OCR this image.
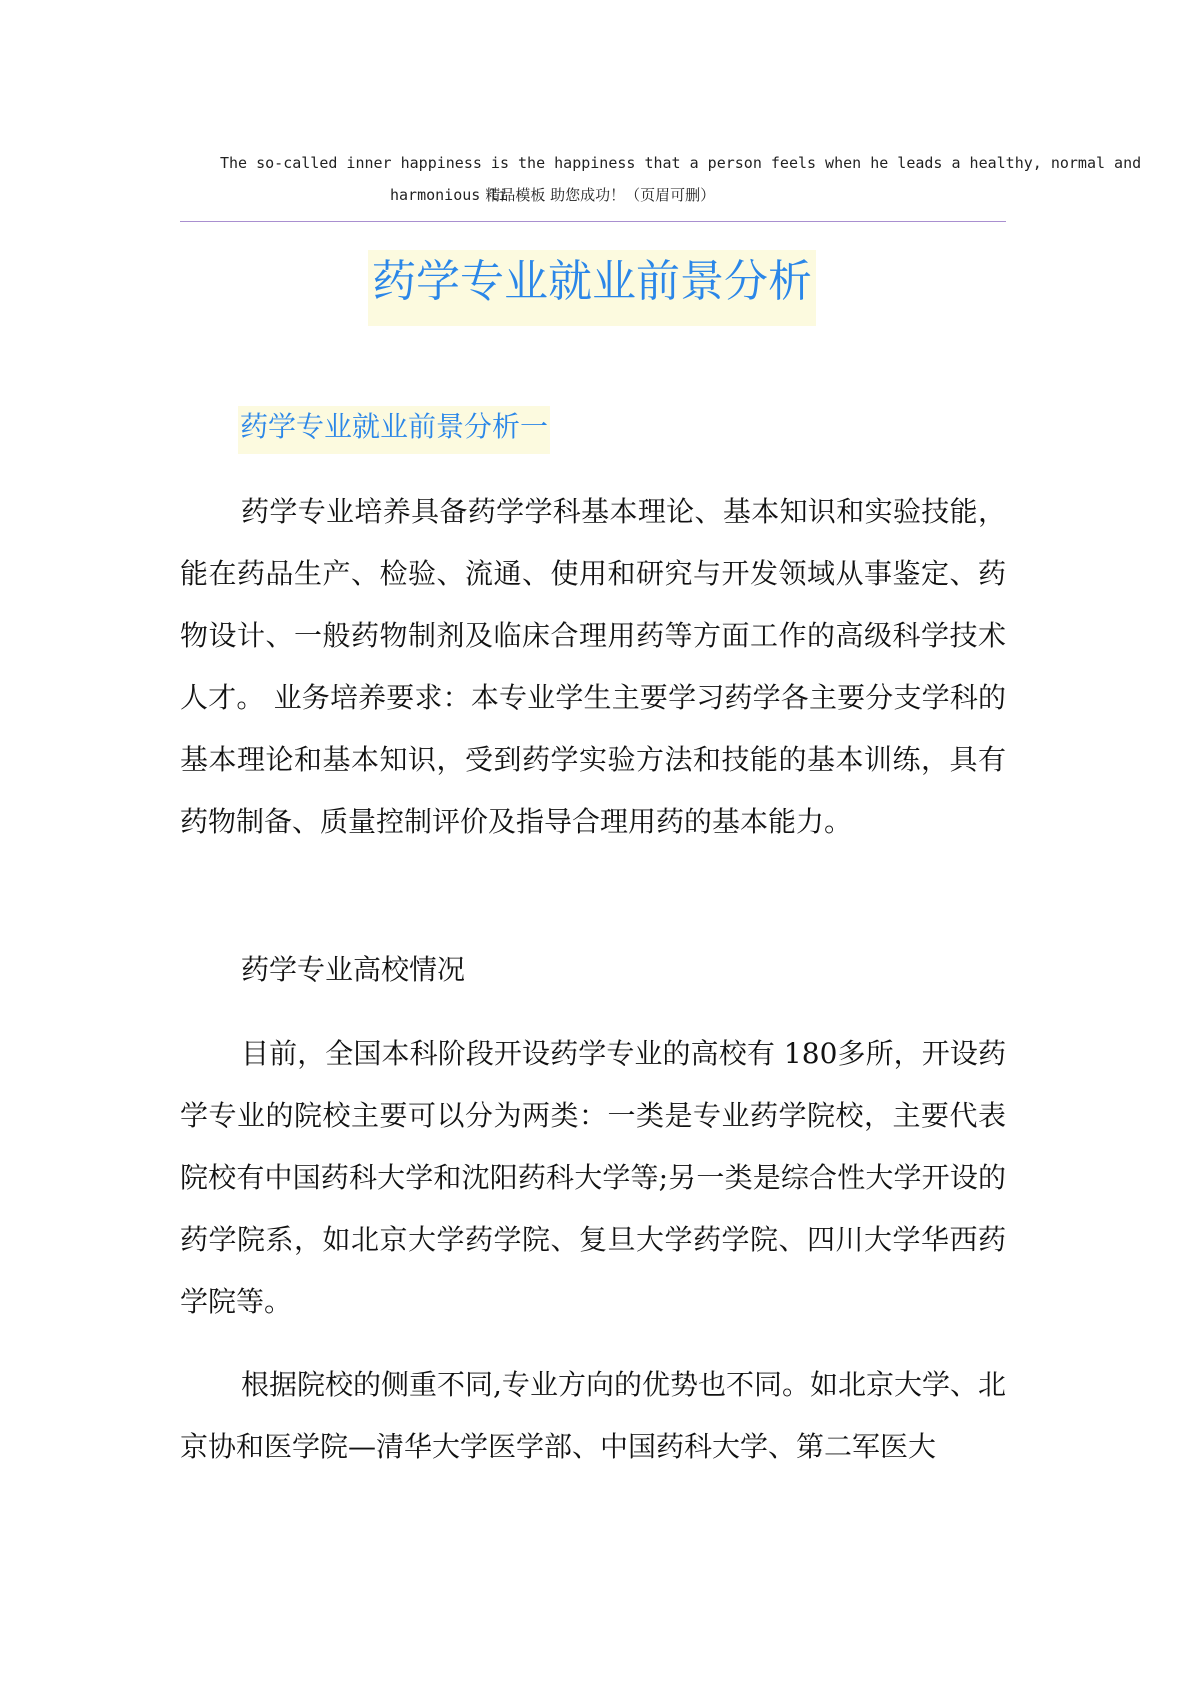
The so-called inner happiness is the happiness that a person feels when he leads a healthy, normal and
harmonious li精品模板 助您成功！（页眉可删）
药学专业就业前景分析
药学专业就业前景分析一

药学专业培养具备药学学科基本理论、基本知识和实验技能，能在药品生产、检验、流通、使用和研究与开发领域从事鉴定、药物设计、一般药物制剂及临床合理用药等方面工作的高级科学技术人才。 业务培养要求：本专业学生主要学习药学各主要分支学科的基本理论和基本知识，受到药学实验方法和技能的基本训练，具有药物制备、质量控制评价及指导合理用药的基本能力。

药学专业高校情况

目前，全国本科阶段开设药学专业的高校有 180多所，开设药学专业的院校主要可以分为两类：一类是专业药学院校，主要代表院校有中国药科大学和沈阳药科大学等;另一类是综合性大学开设的药学院系，如北京大学药学院、复旦大学药学院、四川大学华西药学院等。

根据院校的侧重不同,专业方向的优势也不同。如北京大学、北京协和医学院—清华大学医学部、中国药科大学、第二军医大
